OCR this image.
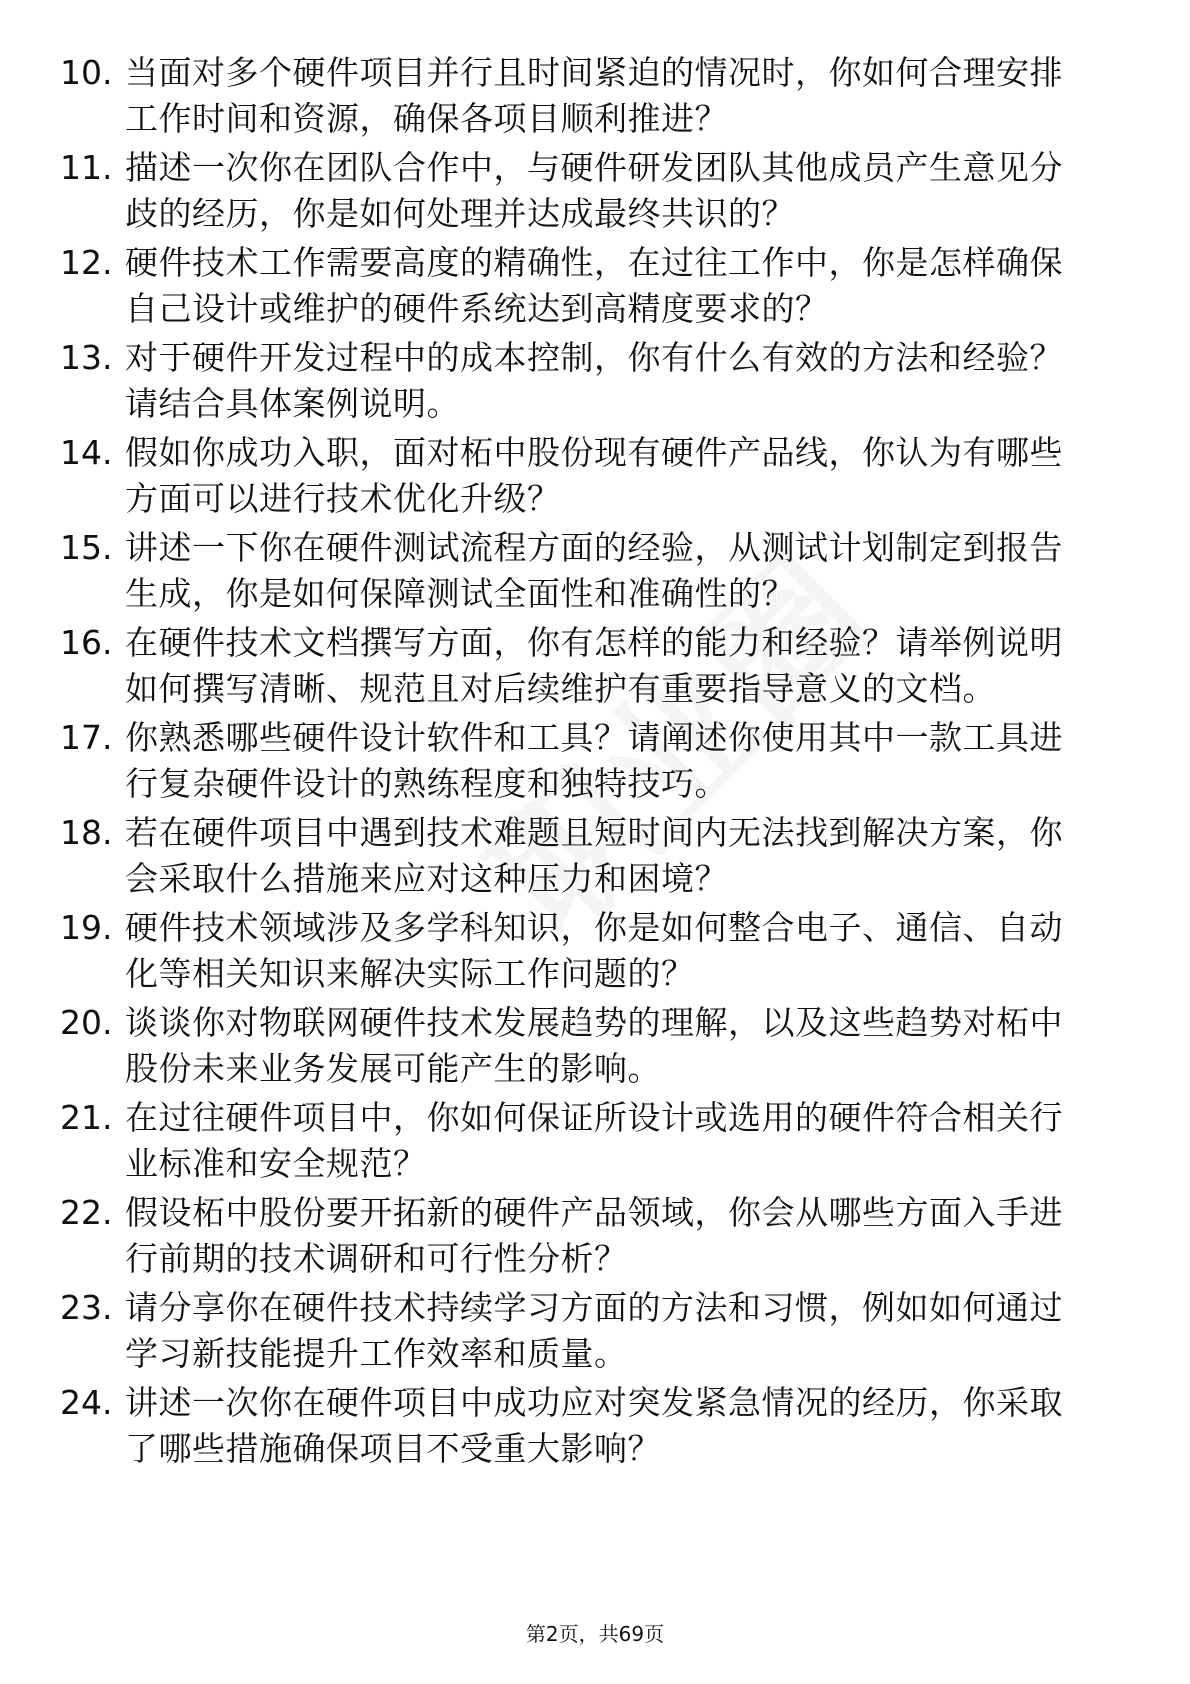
10. 当面对多个硬件项目并行且时间紧迫的情况时，你如何合理安排
工作时间和资源，确保各项目顺利推进？
11. 描述一次你在团队合作中，与硬件研发团队其他成员产生意见分
歧的经历，你是如何处理并达成最终共识的？
12. 硬件技术工作需要高度的精确性，在过往工作中，你是怎样确保
自己设计或维护的硬件系统达到高精度要求的？
13. 对于硬件开发过程中的成本控制，你有什么有效的方法和经验？
请结合具体案例说明。
14. 假如你成功入职，面对柘中股份现有硬件产品线，你认为有哪些
方面可以进行技术优化升级？
15. 讲述一下你在硬件测试流程方面的经验，从测试计划制定到报告
生成，你是如何保障测试全面性和准确性的？
16. 在硬件技术文档撰写方面，你有怎样的能力和经验？请举例说明
如何撰写清晰、规范且对后续维护有重要指导意义的文档。
17. 你熟悉哪些硬件设计软件和工具？请阐述你使用其中一款工具进
行复杂硬件设计的熟练程度和独特技巧。
18. 若在硬件项目中遇到技术难题且短时间内无法找到解决方案，你
会采取什么措施来应对这种压力和困境？
19. 硬件技术领域涉及多学科知识，你是如何整合电子、通信、自动
化等相关知识来解决实际工作问题的？
20. 谈谈你对物联网硬件技术发展趋势的理解，以及这些趋势对柘中
股份未来业务发展可能产生的影响。
21. 在过往硬件项目中，你如何保证所设计或选用的硬件符合相关行
业标准和安全规范？
22. 假设柘中股份要开拓新的硬件产品领域，你会从哪些方面入手进
行前期的技术调研和可行性分析？
23. 请分享你在硬件技术持续学习方面的方法和习惯，例如如何通过
学习新技能提升工作效率和质量。
24. 讲述一次你在硬件项目中成功应对突发紧急情况的经历，你采取
了哪些措施确保项目不受重大影响？
第2页，共69页
